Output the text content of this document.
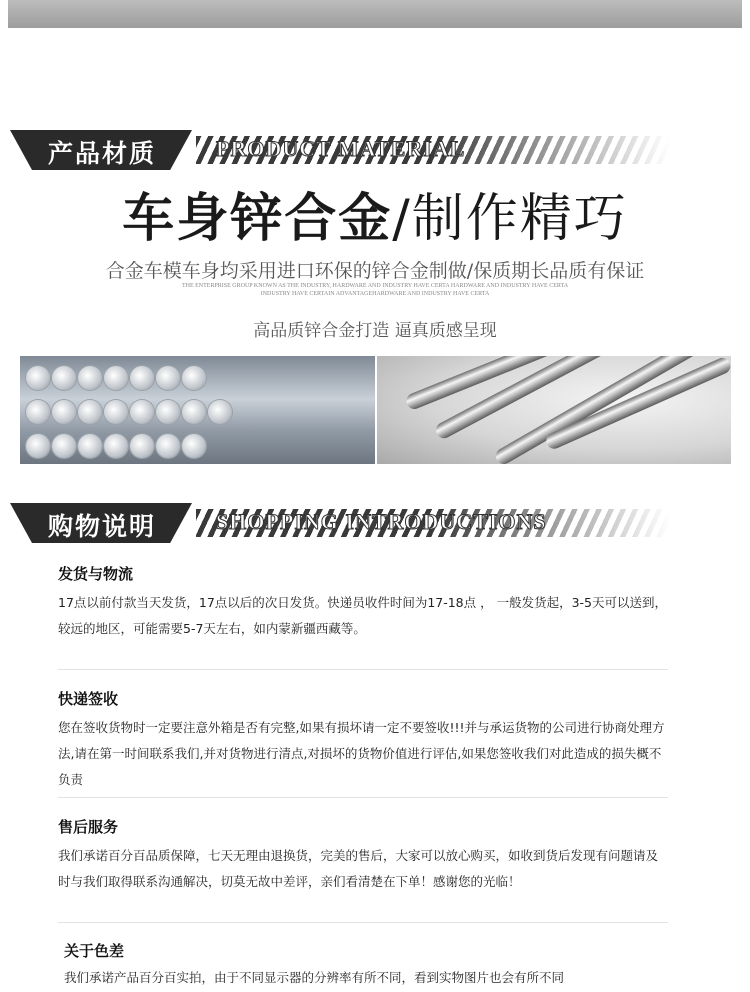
产品材质	PRODUCT MATERIAL
车身锌合金/制作精巧
合金车模车身均采用进口环保的锌合金制做/保质期长品质有保证
THE ENTERPRISE GROUP KNOWN AS THE INDUSTRY, HARDWARE AND INDUSTRY HAVE CERTA HARDWARE AND INDUSTRY HAVE CERTA
INDUSTRY HAVE CERTAIN ADVANTAGEHARDWARE AND INDUSTRY HAVE CERTA
高品质锌合金打造 逼真质感呈现
购物说明	SHOPPING INTRODUCTIONS
发货与物流

17点以前付款当天发货，17点以后的次日发货。快递员收件时间为17-18点 ， 一般发货起，3-5天可以送到，较远的地区，可能需要5-7天左右，如内蒙新疆西藏等。

快递签收

您在签收货物时一定要注意外箱是否有完整,如果有损坏请一定不要签收!!!并与承运货物的公司进行协商处理方法,请在第一时间联系我们,并对货物进行清点,对损坏的货物价值进行评估,如果您签收我们对此造成的损失概不负责

售后服务

我们承诺百分百品质保障，七天无理由退换货，完美的售后，大家可以放心购买，如收到货后发现有问题请及时与我们取得联系沟通解决，切莫无故中差评，亲们看清楚在下单！感谢您的光临！

关于色差

我们承诺产品百分百实拍，由于不同显示器的分辨率有所不同，看到实物图片也会有所不同
